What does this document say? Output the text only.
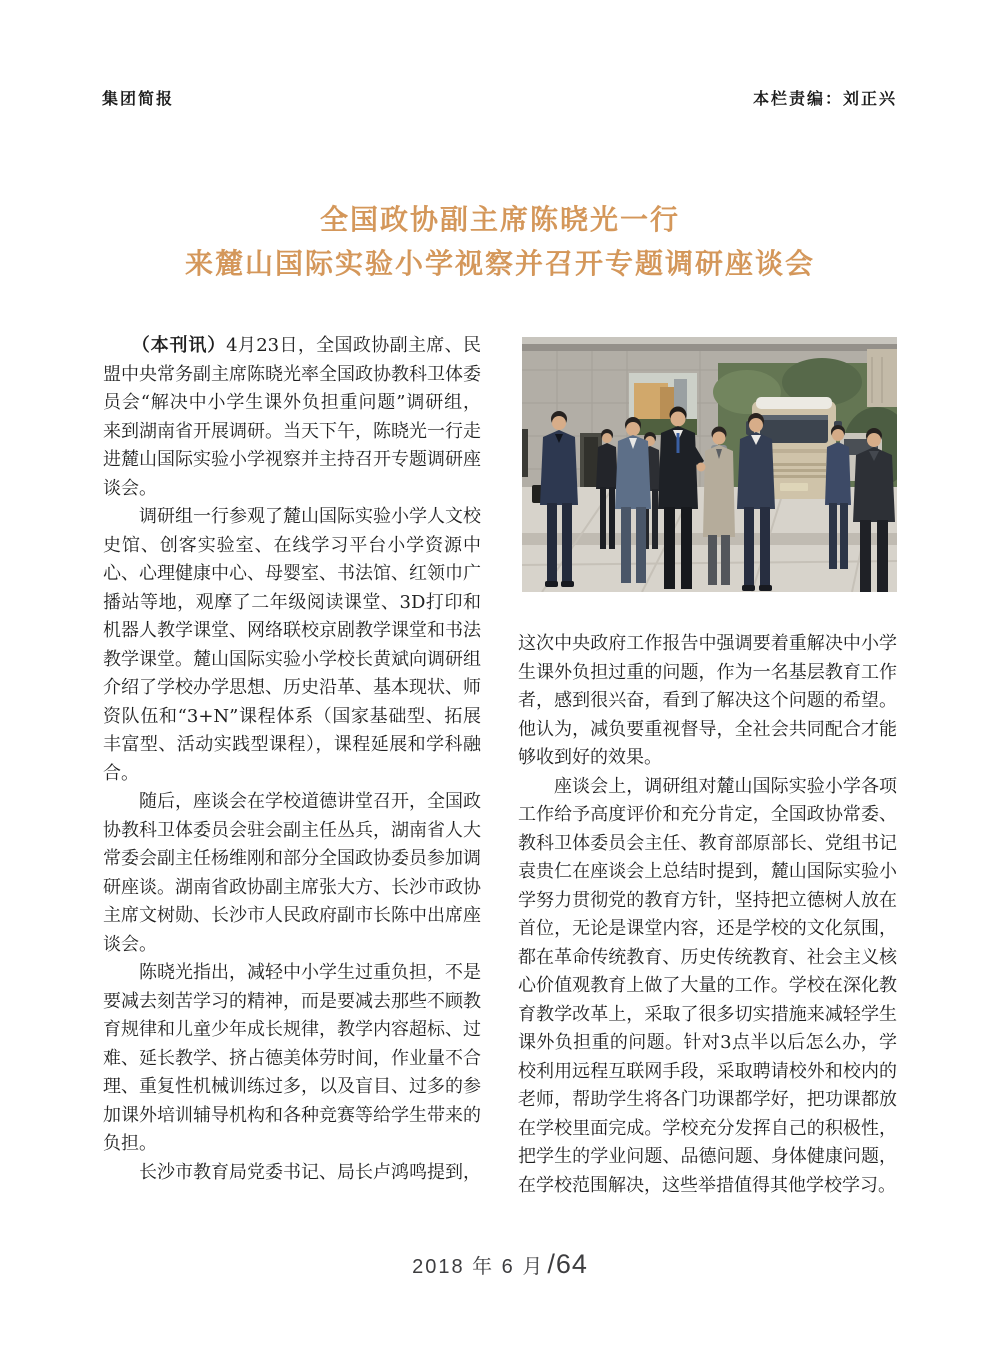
集团简报	本栏责编：刘正兴
全国政协副主席陈晓光一行
来麓山国际实验小学视察并召开专题调研座谈会

（本刊讯）4月23日，全国政协副主席、民盟中央常务副主席陈晓光率全国政协教科卫体委员会“解决中小学生课外负担重问题”调研组，来到湖南省开展调研。当天下午，陈晓光一行走进麓山国际实验小学视察并主持召开专题调研座谈会。

调研组一行参观了麓山国际实验小学人文校史馆、创客实验室、在线学习平台小学资源中心、心理健康中心、母婴室、书法馆、红领巾广播站等地，观摩了二年级阅读课堂、3D打印和机器人教学课堂、网络联校京剧教学课堂和书法教学课堂。麓山国际实验小学校长黄斌向调研组介绍了学校办学思想、历史沿革、基本现状、师资队伍和“3+N”课程体系（国家基础型、拓展丰富型、活动实践型课程），课程延展和学科融合。

随后，座谈会在学校道德讲堂召开，全国政协教科卫体委员会驻会副主任丛兵，湖南省人大常委会副主任杨维刚和部分全国政协委员参加调研座谈。湖南省政协副主席张大方、长沙市政协主席文树勋、长沙市人民政府副市长陈中出席座谈会。

陈晓光指出，减轻中小学生过重负担，不是要减去刻苦学习的精神，而是要减去那些不顾教育规律和儿童少年成长规律，教学内容超标、过难、延长教学、挤占德美体劳时间，作业量不合理、重复性机械训练过多，以及盲目、过多的参加课外培训辅导机构和各种竞赛等给学生带来的负担。

长沙市教育局党委书记、局长卢鸿鸣提到，

这次中央政府工作报告中强调要着重解决中小学生课外负担过重的问题，作为一名基层教育工作者，感到很兴奋，看到了解决这个问题的希望。他认为，减负要重视督导，全社会共同配合才能够收到好的效果。

座谈会上，调研组对麓山国际实验小学各项工作给予高度评价和充分肯定，全国政协常委、教科卫体委员会主任、教育部原部长、党组书记袁贵仁在座谈会上总结时提到，麓山国际实验小学努力贯彻党的教育方针，坚持把立德树人放在首位，无论是课堂内容，还是学校的文化氛围，都在革命传统教育、历史传统教育、社会主义核心价值观教育上做了大量的工作。学校在深化教育教学改革上，采取了很多切实措施来减轻学生课外负担重的问题。针对3点半以后怎么办，学校利用远程互联网手段，采取聘请校外和校内的老师，帮助学生将各门功课都学好，把功课都放在学校里面完成。学校充分发挥自己的积极性，把学生的学业问题、品德问题、身体健康问题，在学校范围解决，这些举措值得其他学校学习。

2018 年 6 月 /64
